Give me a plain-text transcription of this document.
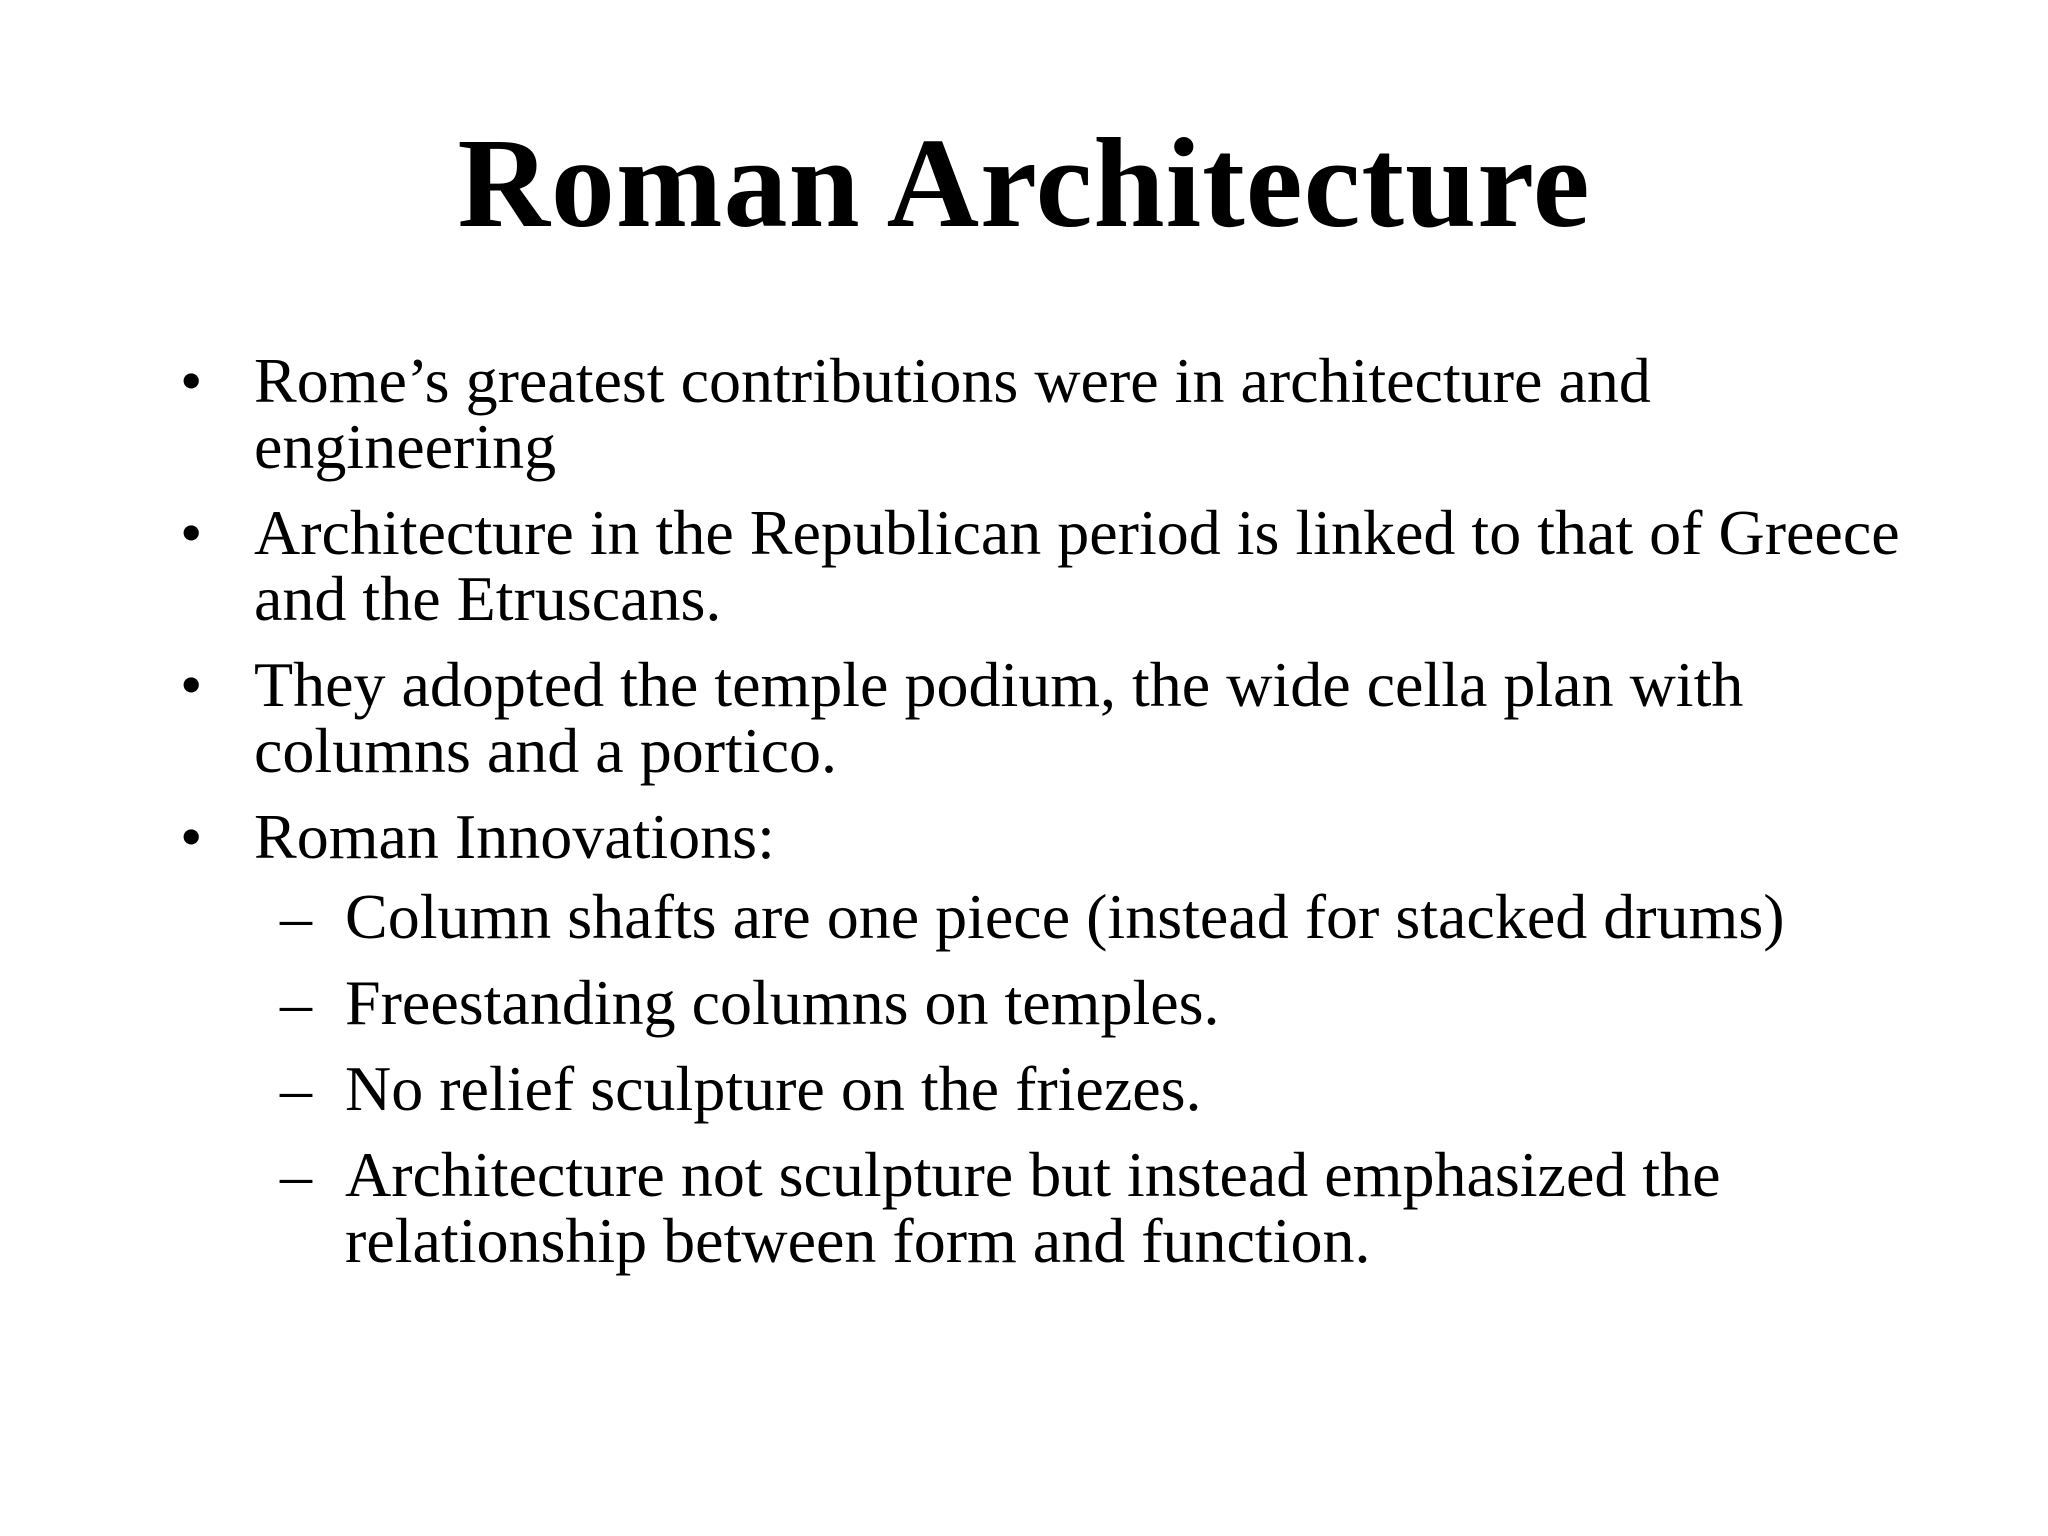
Roman Architecture
• Rome’s greatest contributions were in architecture and engineering
• Architecture in the Republican period is linked to that of Greece and the Etruscans.
• They adopted the temple podium, the wide cella plan with columns and a portico.
• Roman Innovations:
– Column shafts are one piece (instead for stacked drums)
– Freestanding columns on temples.
– No relief sculpture on the friezes.
– Architecture not sculpture but instead emphasized the relationship between form and function.
